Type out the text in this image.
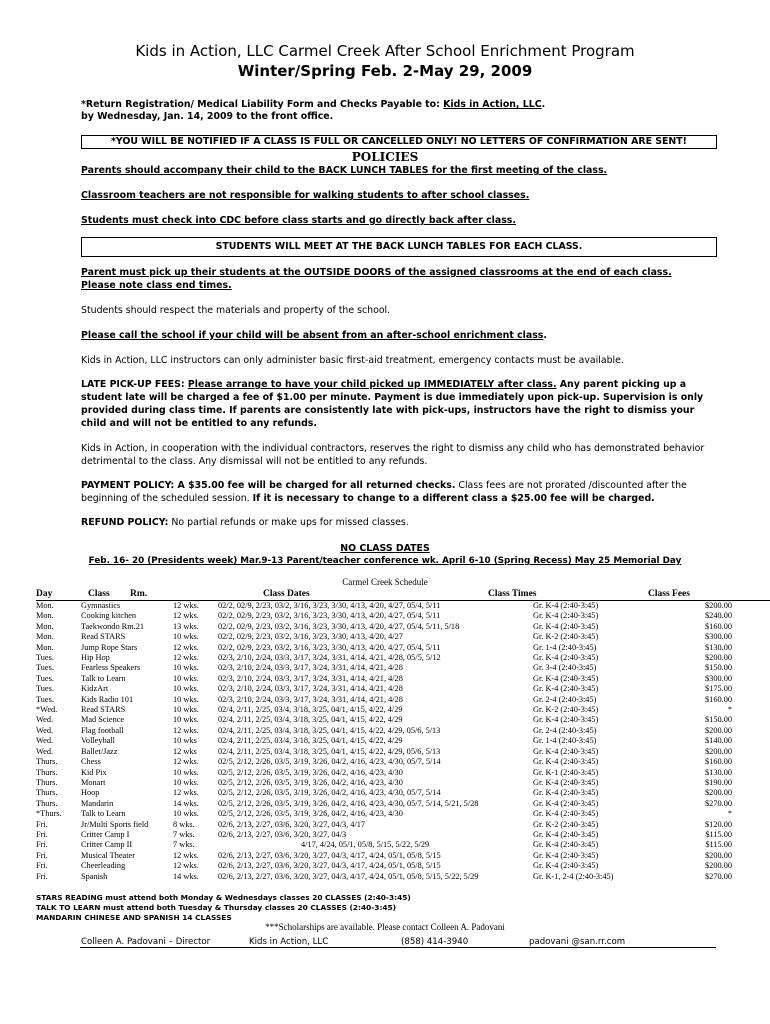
Kids in Action, LLC Carmel Creek After School Enrichment Program
Winter/Spring Feb. 2-May 29, 2009
*Return Registration/ Medical Liability Form and Checks Payable to: Kids in Action, LLC.
by Wednesday, Jan. 14, 2009 to the front office.
*YOU WILL BE NOTIFIED IF A CLASS IS FULL OR CANCELLED ONLY! NO LETTERS OF CONFIRMATION ARE SENT!
POLICIES
Parents should accompany their child to the BACK LUNCH TABLES for the first meeting of the class.
Classroom teachers are not responsible for walking students to after school classes.
Students must check into CDC before class starts and go directly back after class.
STUDENTS WILL MEET AT THE BACK LUNCH TABLES FOR EACH CLASS.
Parent must pick up their students at the OUTSIDE DOORS of the assigned classrooms at the end of each class.
Please note class end times.
Students should respect the materials and property of the school.
Please call the school if your child will be absent from an after-school enrichment class.
Kids in Action, LLC instructors can only administer basic first-aid treatment, emergency contacts must be available.
LATE PICK-UP FEES: Please arrange to have your child picked up IMMEDIATELY after class. Any parent picking up a student late will be charged a fee of $1.00 per minute. Payment is due immediately upon pick-up. Supervision is only provided during class time. If parents are consistently late with pick-ups, instructors have the right to dismiss your child and will not be entitled to any refunds.
Kids in Action, in cooperation with the individual contractors, reserves the right to dismiss any child who has demonstrated behavior detrimental to the class. Any dismissal will not be entitled to any refunds.
PAYMENT POLICY: A $35.00 fee will be charged for all returned checks. Class fees are not prorated /discounted after the beginning of the scheduled session. If it is necessary to change to a different class a $25.00 fee will be charged.
REFUND POLICY: No partial refunds or make ups for missed classes.
NO CLASS DATES
Feb. 16- 20 (Presidents week) Mar.9-13 Parent/teacher conference wk. April 6-10 (Spring Recess) May 25 Memorial Day
Carmel Creek Schedule
Day	Class Rm.	Class Dates	Class Times	Class Fees
Mon.	Gymnastics	12 wks.	02/2, 02/9, 2/23, 03/2, 3/16, 3/23, 3/30, 4/13, 4/20, 4/27, 05/4, 5/11	Gr. K-4 (2:40-3:45)	$200.00
Mon.	Cooking kitchen	12 wks.	02/2, 02/9, 2/23, 03/2, 3/16, 3/23, 3/30, 4/13, 4/20, 4/27, 05/4, 5/11	Gr. K-4 (2:40-3:45)	$240.00
Mon.	Taekwondo Rm.21	13 wks.	02/2, 02/9, 2/23, 03/2, 3/16, 3/23, 3/30, 4/13, 4/20, 4/27, 05/4, 5/11, 5/18	Gr. K-4 (2:40-3:45)	$160.00
Mon.	Read STARS	10 wks.	02/2, 02/9, 2/23, 03/2, 3/16, 3/23, 3/30, 4/13, 4/20, 4/27	Gr. K-2 (2:40-3:45)	$300.00
Mon.	Jump Rope Stars	12 wks.	02/2, 02/9, 2/23, 03/2, 3/16, 3/23, 3/30, 4/13, 4/20, 4/27, 05/4, 5/11	Gr. 1-4 (2:40-3:45)	$130.00
Tues.	Hip Hop	12 wks.	02/3, 2/10, 2/24, 03/3, 3/17, 3/24, 3/31, 4/14, 4/21, 4/28, 05/5, 5/12	Gr. K-4 (2:40-3:45)	$200.00
Tues.	Fearless Speakers	10 wks.	02/3, 2/10, 2/24, 03/3, 3/17, 3/24, 3/31, 4/14, 4/21, 4/28	Gr. 3-4 (2:40-3:45)	$150.00
Tues.	Talk to Learn	10 wks.	02/3, 2/10, 2/24, 03/3, 3/17, 3/24, 3/31, 4/14, 4/21, 4/28	Gr. K-4 (2:40-3:45)	$300.00
Tues.	KidzArt	10 wks.	02/3, 2/10, 2/24, 03/3, 3/17, 3/24, 3/31, 4/14, 4/21, 4/28	Gr. K-4 (2:40-3:45)	$175.00
Tues.	Kids Radio 101	10 wks.	02/3, 2/10, 2/24, 03/3, 3/17, 3/24, 3/31, 4/14, 4/21, 4/28	Gr. 2-4 (2:40-3:45)	$160.00
*Wed.	Read STARS	10 wks.	02/4, 2/11, 2/25, 03/4, 3/18, 3/25, 04/1, 4/15, 4/22, 4/29	Gr. K-2 (2:40-3:45)	*
Wed.	Mad Science	10 wks.	02/4, 2/11, 2/25, 03/4, 3/18, 3/25, 04/1, 4/15, 4/22, 4/29	Gr. K-4 (2:40-3:45)	$150.00
Wed.	Flag football	12 wks.	02/4, 2/11, 2/25, 03/4, 3/18, 3/25, 04/1, 4/15, 4/22, 4/29, 05/6, 5/13	Gr. 2-4 (2:40-3:45)	$200.00
Wed.	Volleyball	10 wks	02/4, 2/11, 2/25, 03/4, 3/18, 3/25, 04/1, 4/15, 4/22, 4/29	Gr. 1-4 (2:40-3:45)	$140.00
Wed.	Ballet/Jazz	12 wks	02/4, 2/11, 2/25, 03/4, 3/18, 3/25, 04/1, 4/15, 4/22, 4/29, 05/6, 5/13	Gr. K-4 (2:40-3:45)	$200.00
Thurs.	Chess	12 wks.	02/5, 2/12, 2/26, 03/5, 3/19, 3/26, 04/2, 4/16, 4/23, 4/30, 05/7, 5/14	Gr. K-4 (2:40-3:45)	$160.00
Thurs.	Kid Pix	10 wks.	02/5, 2/12, 2/26, 03/5, 3/19, 3/26, 04/2, 4/16, 4/23, 4/30	Gr. K-1 (2:40-3:45)	$130.00
Thurs.	Monart	10 wks.	02/5, 2/12, 2/26, 03/5, 3/19, 3/26, 04/2, 4/16, 4/23, 4/30	Gr. K-4 (2:40-3:45)	$190.00
Thurs.	Hoop	12 wks.	02/5, 2/12, 2/26, 03/5, 3/19, 3/26, 04/2, 4/16, 4/23, 4/30, 05/7, 5/14	Gr. K-4 (2:40-3:45)	$200.00
Thurs.	Mandarin	14 wks.	02/5, 2/12, 2/26, 03/5, 3/19, 3/26, 04/2, 4/16, 4/23, 4/30, 05/7, 5/14, 5/21, 5/28	Gr. K-4 (2:40-3:45)	$270.00
*Thurs.	Talk to Learn	10 wks.	02/5, 2/12, 2/26, 03/5, 3/19, 3/26, 04/2, 4/16, 4/23, 4/30	Gr. K-4 (2:40-3:45)	*
Fri.	Jr/Multi Sports field	8 wks.	02/6, 2/13, 2/27, 03/6, 3/20, 3/27, 04/3, 4/17	Gr. K-2 (2:40-3:45)	$120.00
Fri.	Critter Camp I	7 wks.	02/6, 2/13, 2/27, 03/6, 3/20, 3/27, 04/3	Gr. K-4 (2:40-3:45)	$115.00
Fri.	Critter Camp II	7 wks.	4/17, 4/24, 05/1, 05/8, 5/15, 5/22, 5/29	Gr. K-4 (2:40-3:45)	$115.00
Fri.	Musical Theater	12 wks.	02/6, 2/13, 2/27, 03/6, 3/20, 3/27, 04/3, 4/17, 4/24, 05/1, 05/8, 5/15	Gr. K-4 (2:40-3:45)	$200.00
Fri.	Cheerleading	12 wks.	02/6, 2/13, 2/27, 03/6, 3/20, 3/27, 04/3, 4/17, 4/24, 05/1, 05/8, 5/15	Gr. K-4 (2:40-3:45)	$200.00
Fri.	Spanish	14 wks.	02/6, 2/13, 2/27, 03/6, 3/20, 3/27, 04/3, 4/17, 4/24, 05/1, 05/8, 5/15, 5/22, 5/29	Gr. K-1, 2-4 (2:40-3:45)	$270.00
STARS READING must attend both Monday & Wednesdays classes 20 CLASSES (2:40-3:45)
TALK TO LEARN must attend both Tuesday & Thursday classes 20 CLASSES (2:40-3:45)
MANDARIN CHINESE AND SPANISH 14 CLASSES
***Scholarships are available. Please contact Colleen A. Padovani
Colleen A. Padovani – Director	Kids in Action, LLC	(858) 414-3940	padovani @san.rr.com
